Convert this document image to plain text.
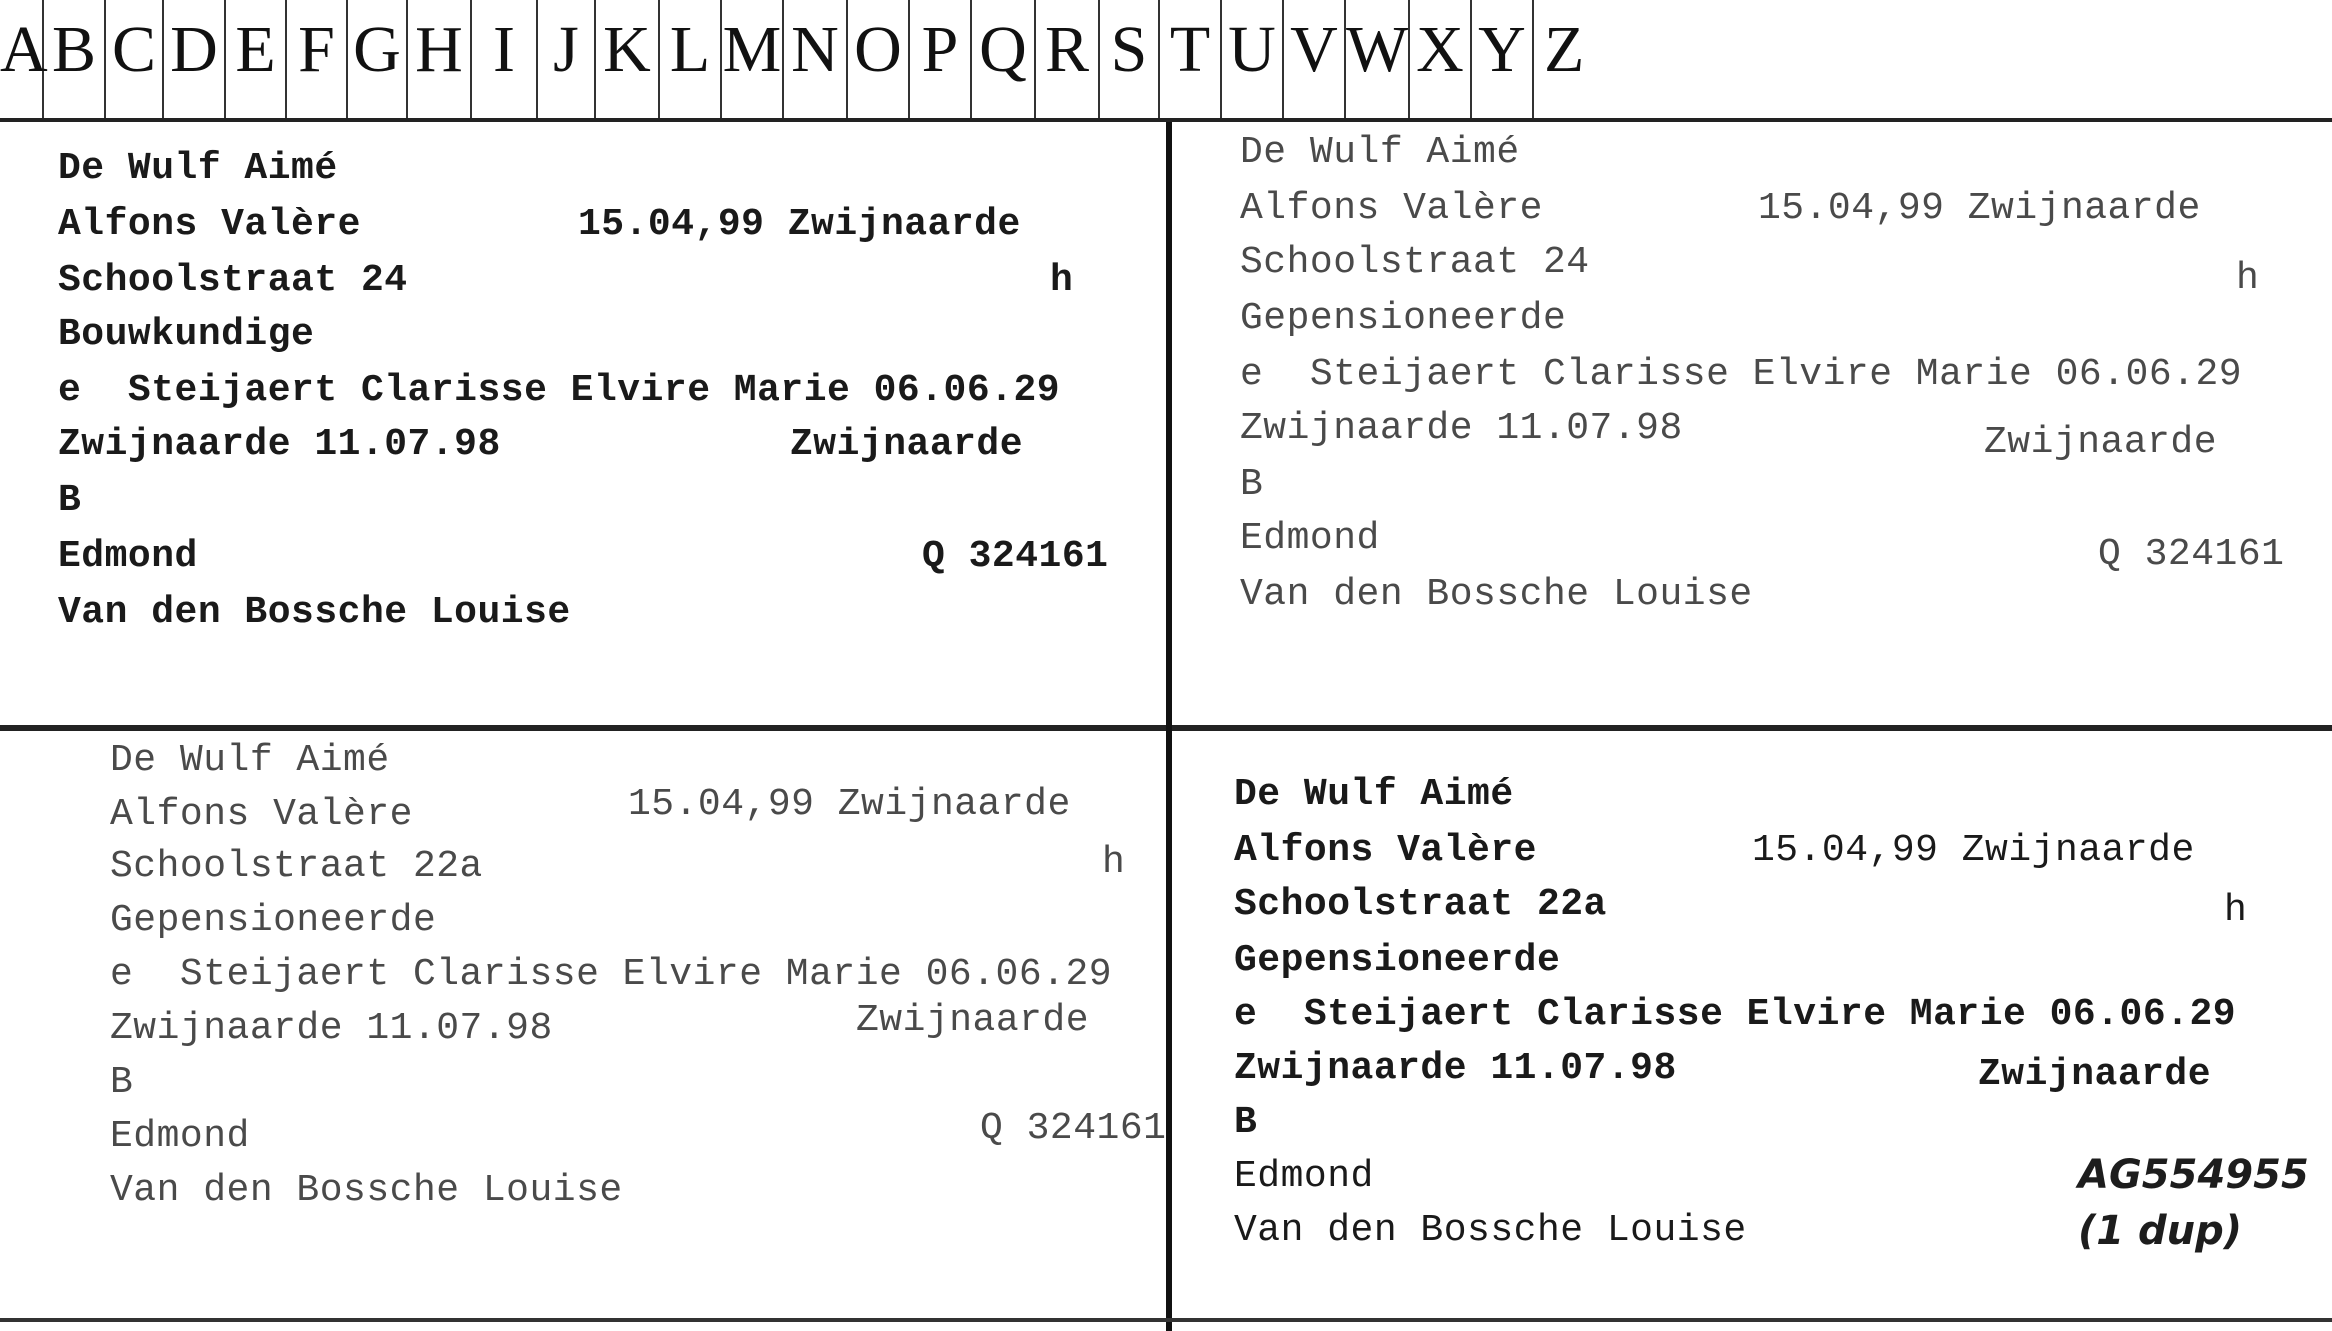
A B C D E F G H I J K L M N O P Q R S T U V W X Y Z
De Wulf Aimé
Alfons Valère	15.04,99 Zwijnaarde
Schoolstraat 24	h
Bouwkundige
e  Steijaert Clarisse Elvire Marie 06.06.29
Zwijnaarde 11.07.98	Zwijnaarde
B
Edmond	Q 324161
Van den Bossche Louise
De Wulf Aimé
Alfons Valère	15.04,99 Zwijnaarde
Schoolstraat 24	h
Gepensioneerde
e  Steijaert Clarisse Elvire Marie 06.06.29
Zwijnaarde 11.07.98	Zwijnaarde
B
Edmond	Q 324161
Van den Bossche Louise
De Wulf Aimé
Alfons Valère	15.04,99 Zwijnaarde
Schoolstraat 22a	h
Gepensioneerde
e  Steijaert Clarisse Elvire Marie 06.06.29
Zwijnaarde 11.07.98	Zwijnaarde
B
Edmond	Q 324161
Van den Bossche Louise
De Wulf Aimé
Alfons Valère	15.04,99 Zwijnaarde
Schoolstraat 22a	h
Gepensioneerde
e  Steijaert Clarisse Elvire Marie 06.06.29
Zwijnaarde 11.07.98	Zwijnaarde
B
Edmond	AG554955
Van den Bossche Louise	(1 dup)
